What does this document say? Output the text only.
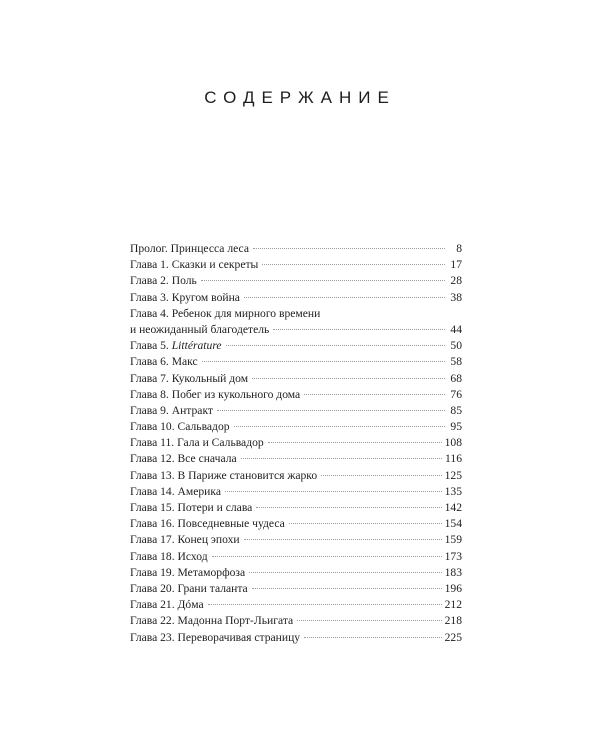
СОДЕРЖАНИЕ
Пролог. Принцесса леса	8
Глава 1. Сказки и секреты	17
Глава 2. Поль	28
Глава 3. Кругом война	38
Глава 4. Ребенок для мирного времени
и неожиданный благодетель	44
Глава 5. Littérature	50
Глава 6. Макс	58
Глава 7. Кукольный дом	68
Глава 8. Побег из кукольного дома	76
Глава 9. Антракт	85
Глава 10. Сальвадор	95
Глава 11. Гала и Сальвадор	108
Глава 12. Все сначала	116
Глава 13. В Париже становится жарко	125
Глава 14. Америка	135
Глава 15. Потери и слава	142
Глава 16. Повседневные чудеса	154
Глава 17. Конец эпохи	159
Глава 18. Исход	173
Глава 19. Метаморфоза	183
Глава 20. Грани таланта	196
Глава 21. Дóма	212
Глава 22. Мадонна Порт-Льигата	218
Глава 23. Переворачивая страницу	225
